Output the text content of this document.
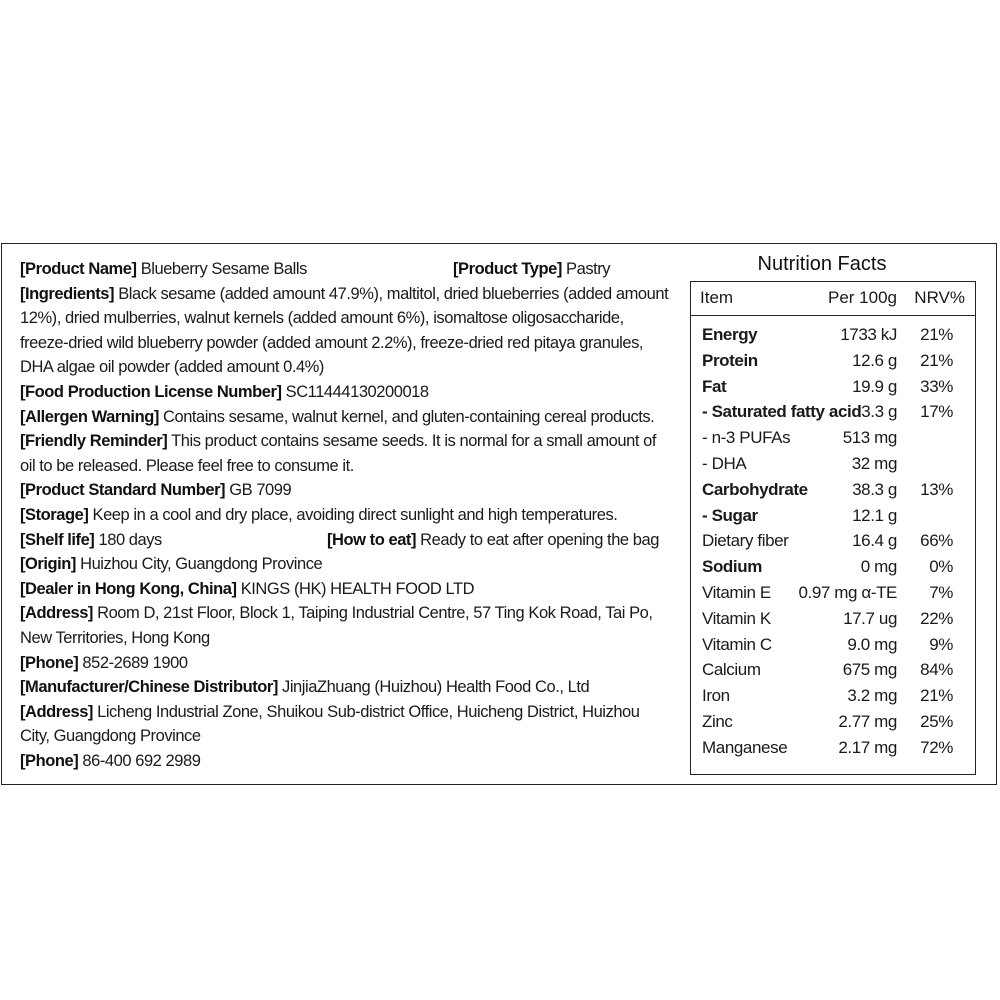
[Product Name] Blueberry Sesame Balls	[Product Type] Pastry
[Ingredients] Black sesame (added amount 47.9%), maltitol, dried blueberries (added amount 12%), dried mulberries, walnut kernels (added amount 6%), isomaltose oligosaccharide, freeze-dried wild blueberry powder (added amount 2.2%), freeze-dried red pitaya granules, DHA algae oil powder (added amount 0.4%)
[Food Production License Number] SC11444130200018
[Allergen Warning] Contains sesame, walnut kernel, and gluten-containing cereal products.
[Friendly Reminder] This product contains sesame seeds. It is normal for a small amount of oil to be released. Please feel free to consume it.
[Product Standard Number] GB 7099
[Storage] Keep in a cool and dry place, avoiding direct sunlight and high temperatures.
[Shelf life] 180 days	[How to eat] Ready to eat after opening the bag
[Origin] Huizhou City, Guangdong Province
[Dealer in Hong Kong, China] KINGS (HK) HEALTH FOOD LTD
[Address] Room D, 21st Floor, Block 1, Taiping Industrial Centre, 57 Ting Kok Road, Tai Po, New Territories, Hong Kong
[Phone] 852-2689 1900
[Manufacturer/Chinese Distributor] JinjiaZhuang (Huizhou) Health Food Co., Ltd
[Address] Licheng Industrial Zone, Shuikou Sub-district Office, Huicheng District, Huizhou City, Guangdong Province
[Phone] 86-400 692 2989
Nutrition Facts
Item	Per 100g NRV%
Energy	1733 kJ 21%
Protein	12.6 g 21%
Fat	19.9 g 33%
- Saturated fatty acid 3.3 g 17%
- n-3 PUFAs	513 mg
- DHA	32 mg
Carbohydrate	38.3 g 13%
- Sugar	12.1 g
Dietary fiber	16.4 g 66%
Sodium	0 mg 0%
Vitamin E 0.97 mg α-TE 7%
Vitamin K	17.7 ug 22%
Vitamin C	9.0 mg 9%
Calcium	675 mg 84%
Iron	3.2 mg 21%
Zinc	2.77 mg 25%
Manganese	2.17 mg 72%
